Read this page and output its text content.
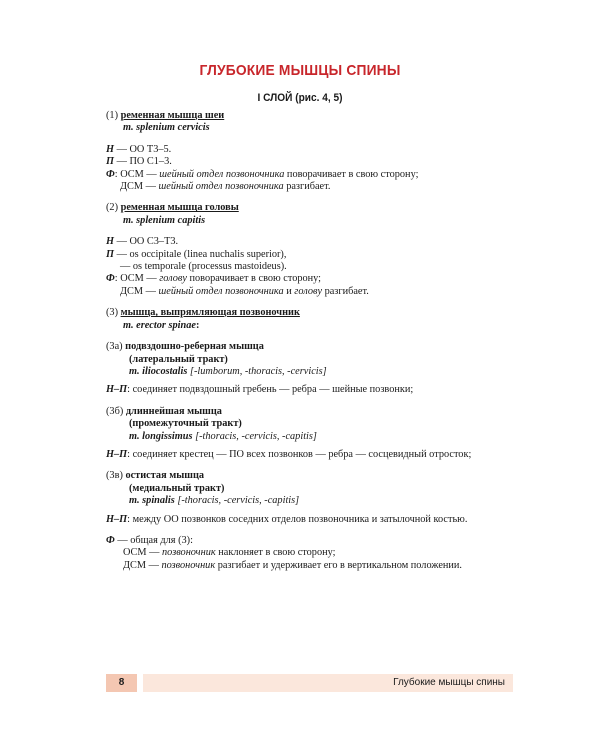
ГЛУБОКИЕ МЫШЦЫ СПИНЫ
I СЛОЙ (рис. 4, 5)
(1) ременная мышца шеи
m. splenium cervicis
Н — ОО Т3–5.
П — ПО С1–3.
Ф: ОСМ — шейный отдел позвоночника поворачивает в свою сторону;
ДСМ — шейный отдел позвоночника разгибает.
(2) ременная мышца головы
m. splenium capitis
Н — ОО С3–Т3.
П — os occipitale (linea nuchalis superior),
— os temporale (processus mastoideus).
Ф: ОСМ — голову поворачивает в свою сторону;
ДСМ — шейный отдел позвоночника и голову разгибает.
(3) мышца, выпрямляющая позвоночник
m. erector spinae:
(3а) подвздошно-реберная мышца
(латеральный тракт)
m. iliocostalis [-lumborum, -thoracis, -cervicis]
Н–П: соединяет подвздошный гребень — ребра — шейные позвонки;
(3б) длиннейшая мышца
(промежуточный тракт)
m. longissimus [-thoracis, -cervicis, -capitis]
Н–П: соединяет крестец — ПО всех позвонков — ребра — сосцевидный отросток;
(3в) остистая мышца
(медиальный тракт)
m. spinalis [-thoracis, -cervicis, -capitis]
Н–П: между ОО позвонков соседних отделов позвоночника и затылочной костью.
Ф — общая для (3):
ОСМ — позвоночник наклоняет в свою сторону;
ДСМ — позвоночник разгибает и удерживает его в вертикальном положении.
8	Глубокие мышцы спины
